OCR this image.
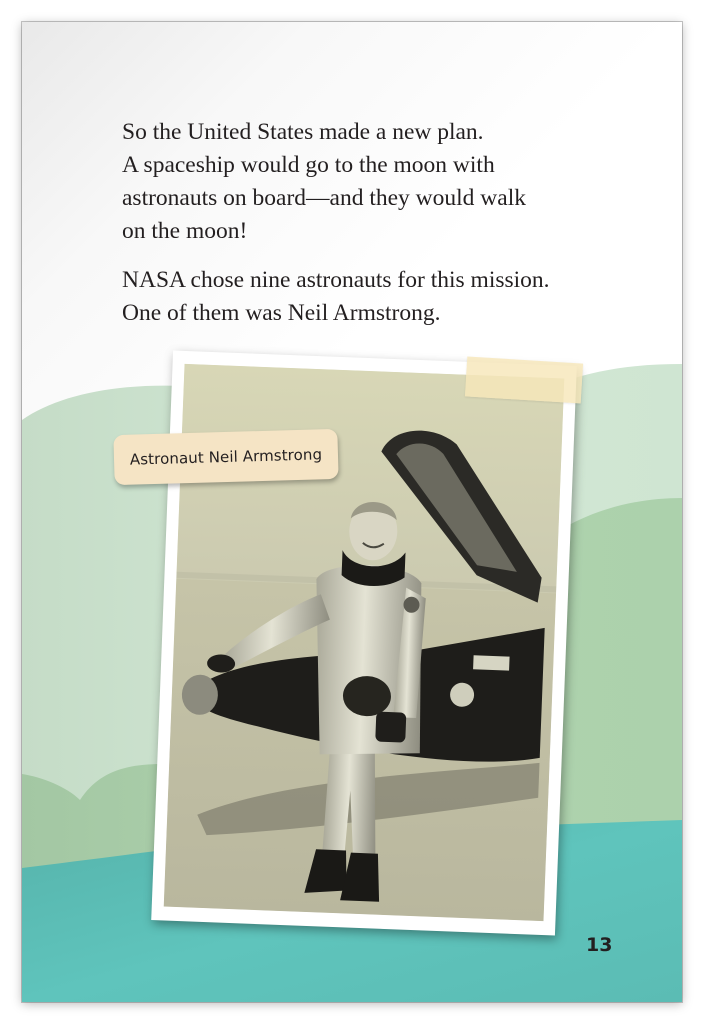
So the United States made a new plan.
A spaceship would go to the moon with
astronauts on board—and they would walk
on the moon!

NASA chose nine astronauts for this mission.
One of them was Neil Armstrong.

Astronaut Neil Armstrong
13
